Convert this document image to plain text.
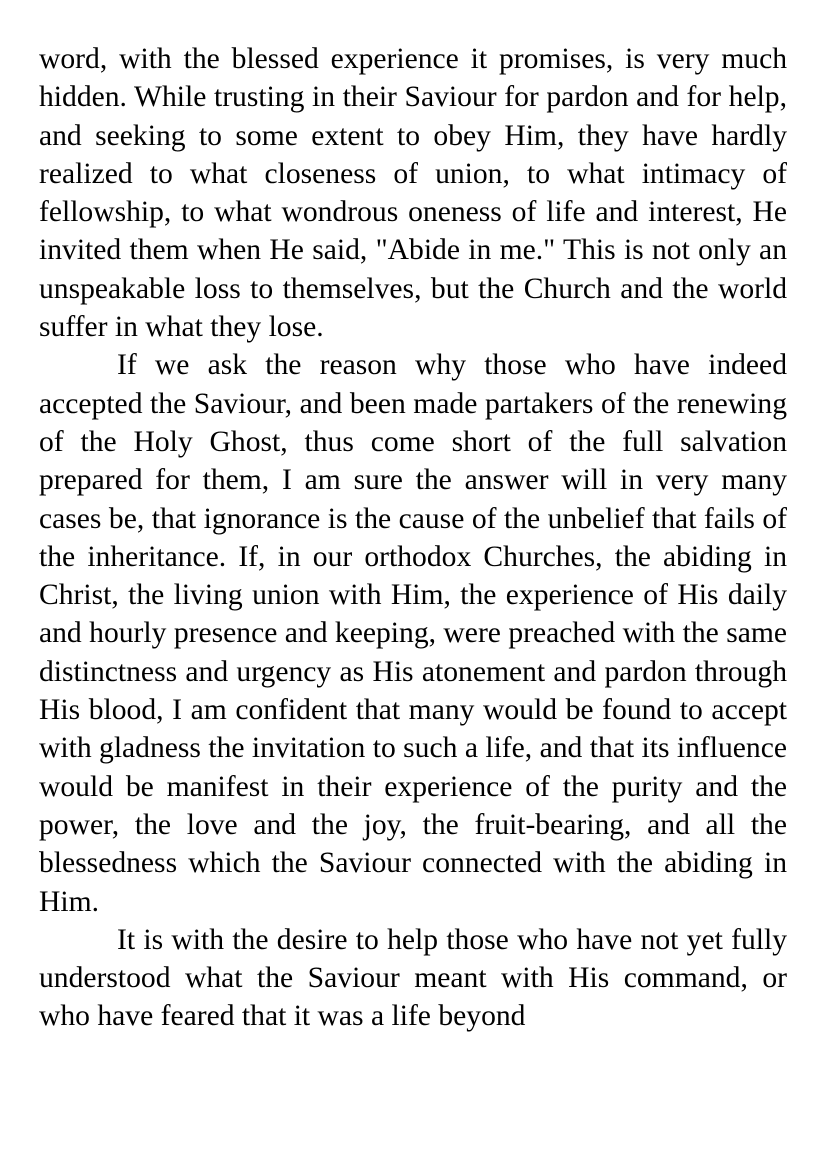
word, with the blessed experience it promises, is very much hidden. While trusting in their Saviour for pardon and for help, and seeking to some extent to obey Him, they have hardly realized to what closeness of union, to what intimacy of fellowship, to what wondrous oneness of life and interest, He invited them when He said, "Abide in me." This is not only an unspeakable loss to themselves, but the Church and the world suffer in what they lose.

If we ask the reason why those who have indeed accepted the Saviour, and been made partakers of the renewing of the Holy Ghost, thus come short of the full salvation prepared for them, I am sure the answer will in very many cases be, that ignorance is the cause of the unbelief that fails of the inheritance. If, in our orthodox Churches, the abiding in Christ, the living union with Him, the experience of His daily and hourly presence and keeping, were preached with the same distinctness and urgency as His atonement and pardon through His blood, I am confident that many would be found to accept with gladness the invitation to such a life, and that its influence would be manifest in their experience of the purity and the power, the love and the joy, the fruit-bearing, and all the blessedness which the Saviour connected with the abiding in Him.

It is with the desire to help those who have not yet fully understood what the Saviour meant with His command, or who have feared that it was a life beyond
